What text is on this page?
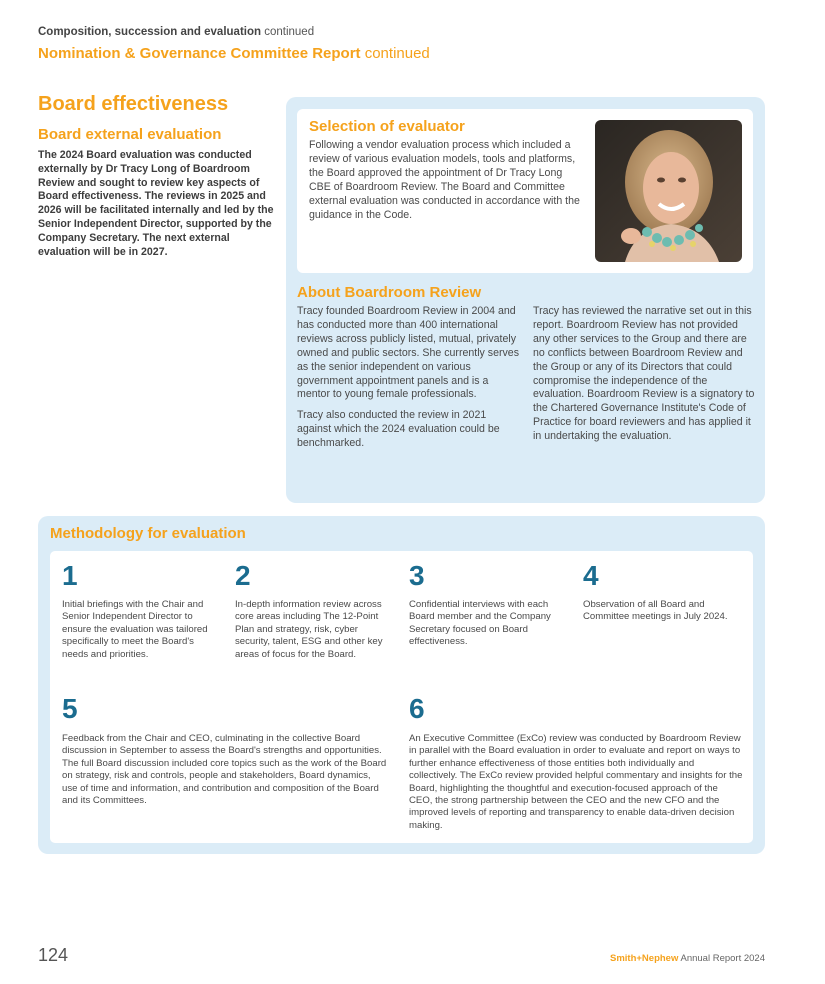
Composition, succession and evaluation continued
Nomination & Governance Committee Report continued
Board effectiveness
Board external evaluation
The 2024 Board evaluation was conducted externally by Dr Tracy Long of Boardroom Review and sought to review key aspects of Board effectiveness. The reviews in 2025 and 2026 will be facilitated internally and led by the Senior Independent Director, supported by the Company Secretary. The next external evaluation will be in 2027.
Selection of evaluator
Following a vendor evaluation process which included a review of various evaluation models, tools and platforms, the Board approved the appointment of Dr Tracy Long CBE of Boardroom Review. The Board and Committee external evaluation was conducted in accordance with the guidance in the Code.
About Boardroom Review

Tracy founded Boardroom Review in 2004 and has conducted more than 400 international reviews across publicly listed, mutual, privately owned and public sectors. She currently serves as the senior independent on various government appointment panels and is a mentor to young female professionals.

Tracy also conducted the review in 2021 against which the 2024 evaluation could be benchmarked.

Tracy has reviewed the narrative set out in this report. Boardroom Review has not provided any other services to the Group and there are no conflicts between Boardroom Review and the Group or any of its Directors that could compromise the independence of the evaluation. Boardroom Review is a signatory to the Chartered Governance Institute's Code of Practice for board reviewers and has applied it in undertaking the evaluation.
Methodology for evaluation
1
Initial briefings with the Chair and Senior Independent Director to ensure the evaluation was tailored specifically to meet the Board's needs and priorities.
2
In-depth information review across core areas including The 12-Point Plan and strategy, risk, cyber security, talent, ESG and other key areas of focus for the Board.
3
Confidential interviews with each Board member and the Company Secretary focused on Board effectiveness.
4
Observation of all Board and Committee meetings in July 2024.
5
Feedback from the Chair and CEO, culminating in the collective Board discussion in September to assess the Board's strengths and opportunities. The full Board discussion included core topics such as the work of the Board on strategy, risk and controls, people and stakeholders, Board dynamics, use of time and information, and contribution and composition of the Board and its Committees.
6
An Executive Committee (ExCo) review was conducted by Boardroom Review in parallel with the Board evaluation in order to evaluate and report on ways to further enhance effectiveness of those entities both individually and collectively. The ExCo review provided helpful commentary and insights for the Board, highlighting the thoughtful and execution-focused approach of the CEO, the strong partnership between the CEO and the new CFO and the improved levels of reporting and transparency to enable data-driven decision making.
124	Smith+Nephew Annual Report 2024
